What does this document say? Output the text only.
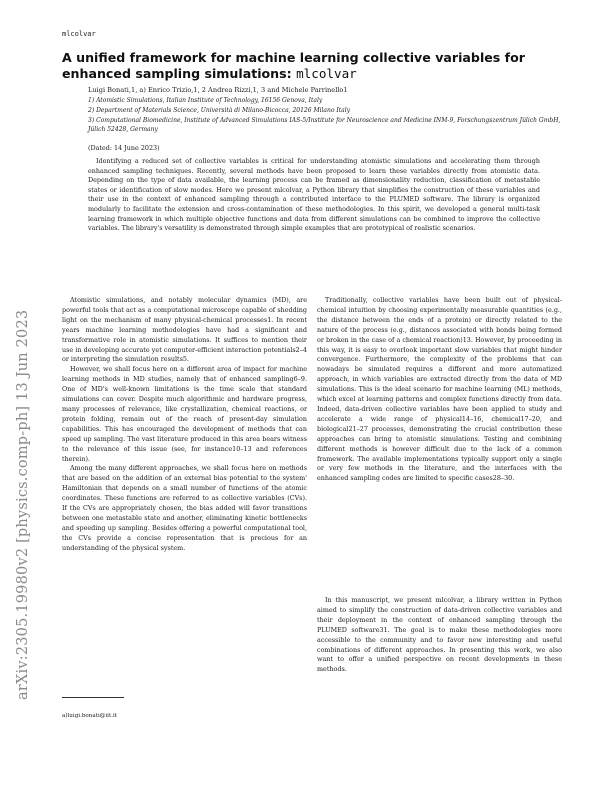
mlcolvar
A unified framework for machine learning collective variables for enhanced sampling simulations: mlcolvar
Luigi Bonati,1, a) Enrico Trizio,1, 2 Andrea Rizzi,1, 3 and Michele Parrinello1
1) Atomistic Simulations, Italian Institute of Technology, 16156 Genova, Italy
2) Department of Materials Science, Università di Milano-Bicocca, 20126 Milano Italy
3) Computational Biomedicine, Institute of Advanced Simulations IAS-5/Institute for Neuroscience and Medicine INM-9, Forschungszentrum Jülich GmbH, Jülich 52428, Germany
(Dated: 14 June 2023)
Identifying a reduced set of collective variables is critical for understanding atomistic simulations and accelerating them through enhanced sampling techniques. Recently, several methods have been proposed to learn these variables directly from atomistic data. Depending on the type of data available, the learning process can be framed as dimensionality reduction, classification of metastable states or identification of slow modes. Here we present mlcolvar, a Python library that simplifies the construction of these variables and their use in the context of enhanced sampling through a contributed interface to the PLUMED software. The library is organized modularly to facilitate the extension and cross-contamination of these methodologies. In this spirit, we developed a general multi-task learning framework in which multiple objective functions and data from different simulations can be combined to improve the collective variables. The library's versatility is demonstrated through simple examples that are prototypical of realistic scenarios.

Atomistic simulations, and notably molecular dynamics (MD), are powerful tools that act as a computational microscope capable of shedding light on the mechanism of many physical-chemical processes1. In recent years machine learning methodologies have had a significant and transformative role in atomistic simulations. It suffices to mention their use in developing accurate yet computer-efficient interaction potentials2–4 or interpreting the simulation results5.

However, we shall focus here on a different area of impact for machine learning methods in MD studies, namely that of enhanced sampling6–9. One of MD's well-known limitations is the time scale that standard simulations can cover. Despite much algorithmic and hardware progress, many processes of relevance, like crystallization, chemical reactions, or protein folding, remain out of the reach of present-day simulation capabilities. This has encouraged the development of methods that can speed up sampling. The vast literature produced in this area bears witness to the relevance of this issue (see, for instance10–13 and references therein).

Among the many different approaches, we shall focus here on methods that are based on the addition of an external bias potential to the system' Hamiltonian that depends on a small number of functions of the atomic coordinates. These functions are referred to as collective variables (CVs). If the CVs are appropriately chosen, the bias added will favor transitions between one metastable state and another, eliminating kinetic bottlenecks and speeding up sampling. Besides offering a powerful computational tool, the CVs provide a concise representation that is precious for an understanding of the physical system.

Traditionally, collective variables have been built out of physical-chemical intuition by choosing experimentally measurable quantities (e.g., the distance between the ends of a protein) or directly related to the nature of the process (e.g., distances associated with bonds being formed or broken in the case of a chemical reaction)13. However, by proceeding in this way, it is easy to overlook important slow variables that might hinder convergence. Furthermore, the complexity of the problems that can nowadays be simulated requires a different and more automatized approach, in which variables are extracted directly from the data of MD simulations. This is the ideal scenario for machine learning (ML) methods, which excel at learning patterns and complex functions directly from data. Indeed, data-driven collective variables have been applied to study and accelerate a wide range of physical14–16, chemical17–20, and biological21–27 processes, demonstrating the crucial contribution these approaches can bring to atomistic simulations. Testing and combining different methods is however difficult due to the lack of a common framework. The available implementations typically support only a single or very few methods in the literature, and the interfaces with the enhanced sampling codes are limited to specific cases28–30.

In this manuscript, we present mlcolvar, a library written in Python aimed to simplify the construction of data-driven collective variables and their deployment in the context of enhanced sampling through the PLUMED software31. The goal is to make these methodologies more accessible to the community and to favor new interesting and useful combinations of different approaches. In presenting this work, we also want to offer a unified perspective on recent developments in these methods.

a)luigi.bonati@iit.it
arXiv:2305.19980v2 [physics.comp-ph] 13 Jun 2023
